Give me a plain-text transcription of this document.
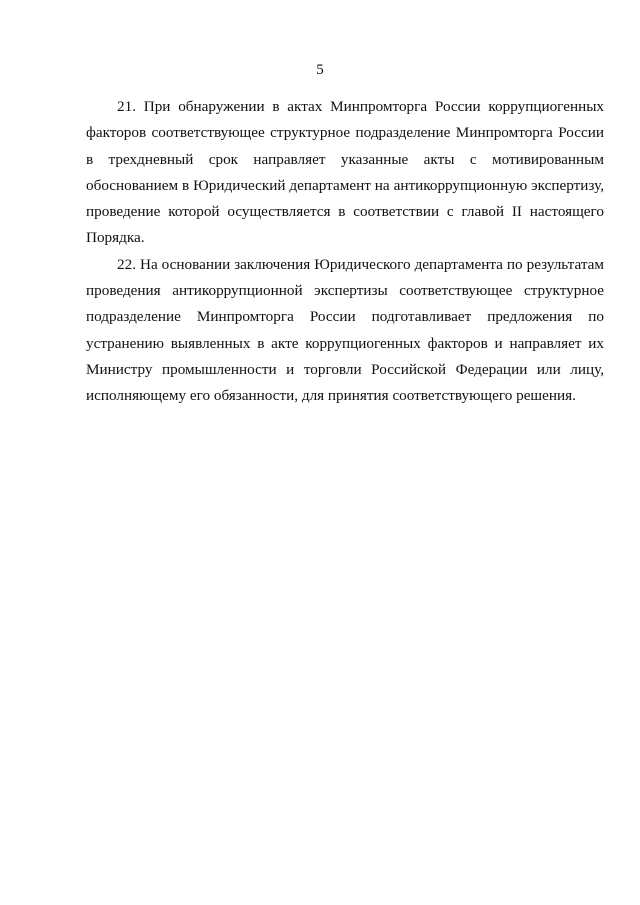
5

21. При обнаружении в актах Минпромторга России коррупциогенных факторов соответствующее структурное подразделение Минпромторга России в трехдневный срок направляет указанные акты с мотивированным обоснованием в Юридический департамент на антикоррупционную экспертизу, проведение которой осуществляется в соответствии с главой II настоящего Порядка.

22. На основании заключения Юридического департамента по результатам проведения антикоррупционной экспертизы соответствующее структурное подразделение Минпромторга России подготавливает предложения по устранению выявленных в акте коррупциогенных факторов и направляет их Министру промышленности и торговли Российской Федерации или лицу, исполняющему его обязанности, для принятия соответствующего решения.
